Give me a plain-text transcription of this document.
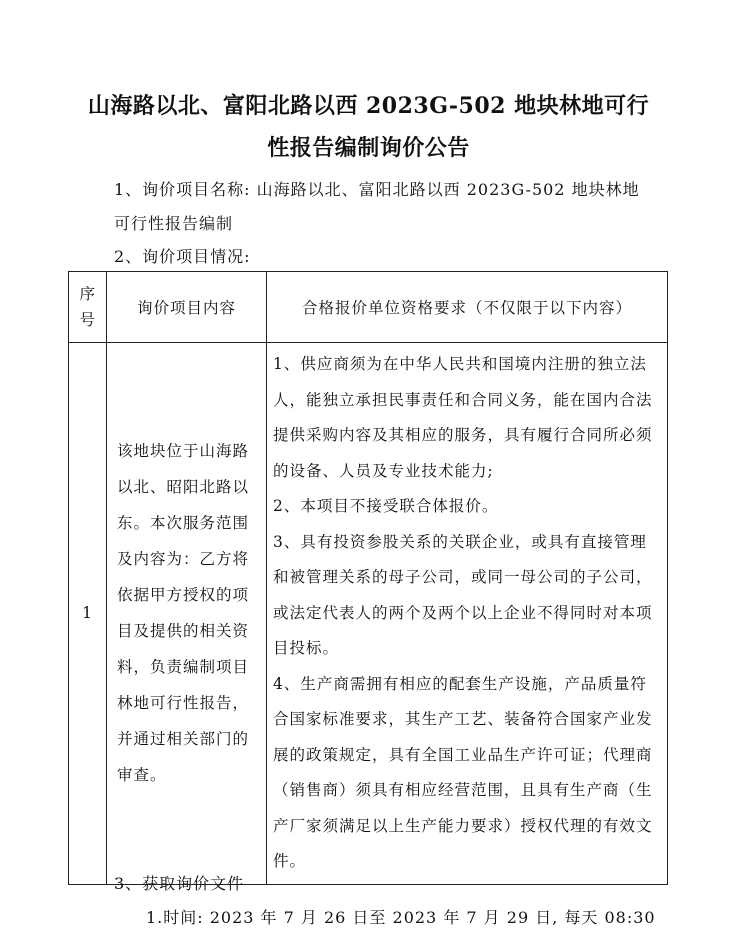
山海路以北、富阳北路以西 2023G-502 地块林地可行
性报告编制询价公告
1、询价项目名称: 山海路以北、富阳北路以西 2023G-502 地块林地
可行性报告编制
2、询价项目情况:
序号	询价项目内容	合格报价单位资格要求（不仅限于以下内容）
1	该地块位于山海路以北、昭阳北路以东。本次服务范围及内容为：乙方将依据甲方授权的项目及提供的相关资料，负责编制项目林地可行性报告，并通过相关部门的审查。	1、供应商须为在中华人民共和国境内注册的独立法人，能独立承担民事责任和合同义务，能在国内合法提供采购内容及其相应的服务，具有履行合同所必须的设备、人员及专业技术能力;

2、本项目不接受联合体报价。

3、具有投资参股关系的关联企业，或具有直接管理和被管理关系的母子公司，或同一母公司的子公司，或法定代表人的两个及两个以上企业不得同时对本项目投标。

4、生产商需拥有相应的配套生产设施，产品质量符合国家标准要求，其生产工艺、装备符合国家产业发展的政策规定，具有全国工业品生产许可证；代理商（销售商）须具有相应经营范围，且具有生产商（生产厂家须满足以上生产能力要求）授权代理的有效文件。

3、获取询价文件
1.时间: 2023 年 7 月 26 日至 2023 年 7 月 29 日, 每天 08:30
